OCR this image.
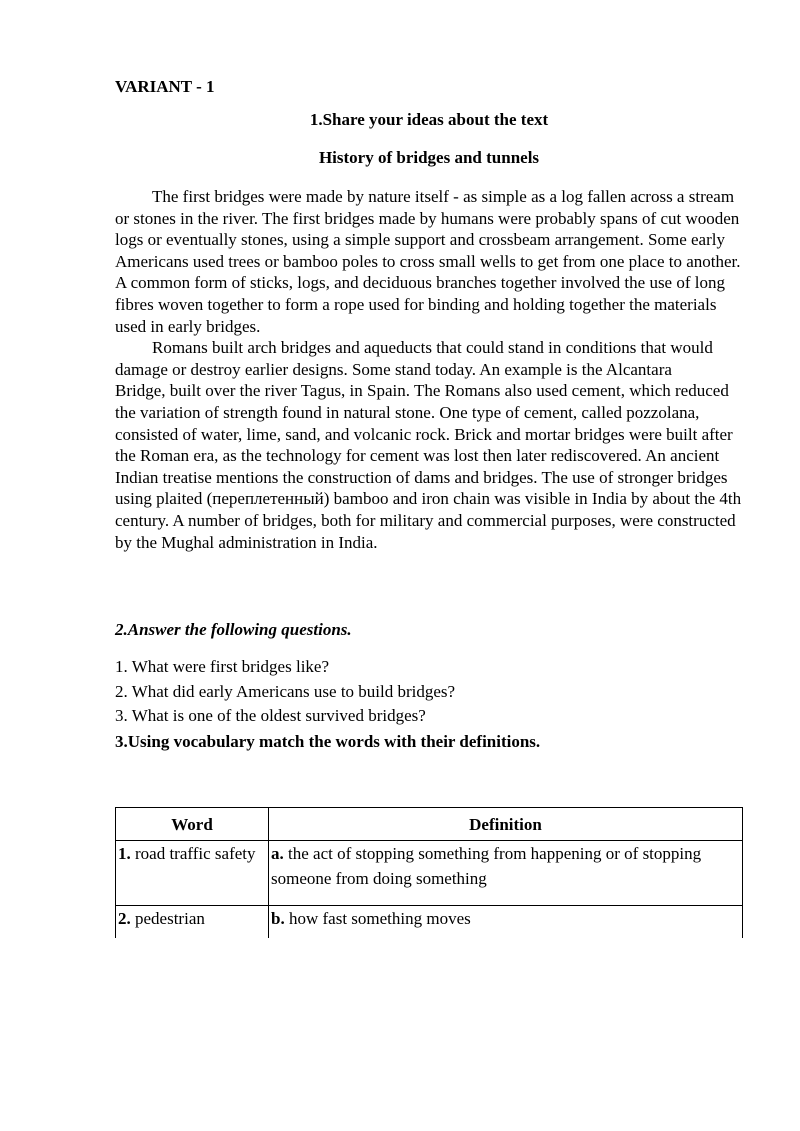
VARIANT - 1
1.Share your ideas about the text
History of bridges and tunnels

The first bridges were made by nature itself - as simple as a log fallen across a stream or stones in the river. The first bridges made by humans were probably spans of cut wooden logs or eventually stones, using a simple support and crossbeam arrangement. Some early Americans used trees or bamboo poles to cross small wells to get from one place to another. A common form of sticks, logs, and deciduous branches together involved the use of long fibres woven together to form a rope used for binding and holding together the materials used in early bridges.

Romans built arch bridges and aqueducts that could stand in conditions that would damage or destroy earlier designs. Some stand today. An example is the Alcantara

Bridge, built over the river Tagus, in Spain. The Romans also used cement, which reduced the variation of strength found in natural stone. One type of cement, called pozzolana, consisted of water, lime, sand, and volcanic rock. Brick and mortar bridges were built after the Roman era, as the technology for cement was lost then later rediscovered. An ancient Indian treatise mentions the construction of dams and bridges. The use of stronger bridges using plaited (переплетенный) bamboo and iron chain was visible in India by about the 4th century. A number of bridges, both for military and commercial purposes, were constructed by the Mughal administration in India.

2.Answer the following questions.
1. What were first bridges like?
2. What did early Americans use to build bridges?
3. What is one of the oldest survived bridges?
3.Using vocabulary match the words with their definitions.
Word	Definition
1. road traffic safety	a. the act of stopping something from happening or of stopping someone from doing something
2. pedestrian	b. how fast something moves
